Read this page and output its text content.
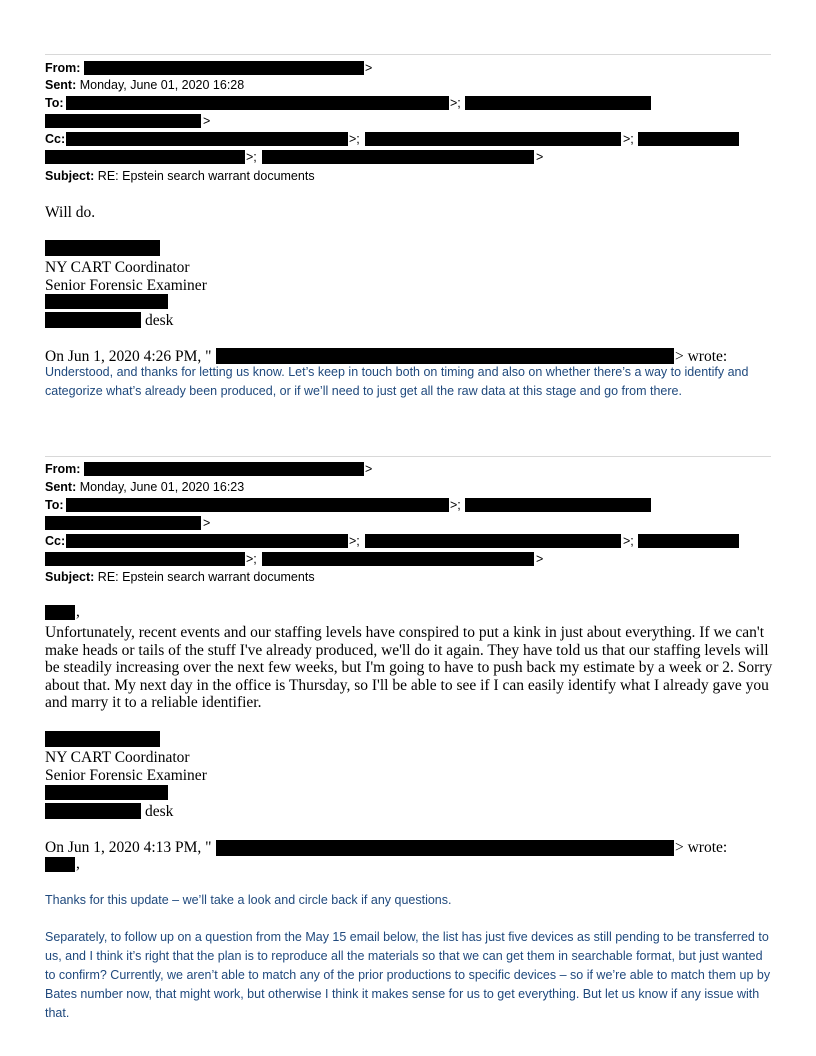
From:	>
Sent: Monday, June 01, 2020 16:28
To:	>;
>
Cc:	>;	>;
>;	>
Subject: RE: Epstein search warrant documents
Will do.
NY CART Coordinator
Senior Forensic Examiner
desk
On Jun 1, 2020 4:26 PM, "	> wrote:
Understood, and thanks for letting us know. Let’s keep in touch both on timing and also on whether there’s a way to identify and categorize what’s already been produced, or if we’ll need to just get all the raw data at this stage and go from there.
From:	>
Sent: Monday, June 01, 2020 16:23
To:	>;
>
Cc:	>;	>;
>;	>
Subject: RE: Epstein search warrant documents
,
Unfortunately, recent events and our staffing levels have conspired to put a kink in just about everything. If we can't make heads or tails of the stuff I've already produced, we'll do it again. They have told us that our staffing levels will be steadily increasing over the next few weeks, but I'm going to have to push back my estimate by a week or 2. Sorry about that. My next day in the office is Thursday, so I'll be able to see if I can easily identify what I already gave you and marry it to a reliable identifier.
NY CART Coordinator
Senior Forensic Examiner
desk
On Jun 1, 2020 4:13 PM, "	> wrote:
,
Thanks for this update – we’ll take a look and circle back if any questions.
Separately, to follow up on a question from the May 15 email below, the list has just five devices as still pending to be transferred to us, and I think it’s right that the plan is to reproduce all the materials so that we can get them in searchable format, but just wanted to confirm? Currently, we aren’t able to match any of the prior productions to specific devices – so if we’re able to match them up by Bates number now, that might work, but otherwise I think it makes sense for us to get everything. But let us know if any issue with that.
